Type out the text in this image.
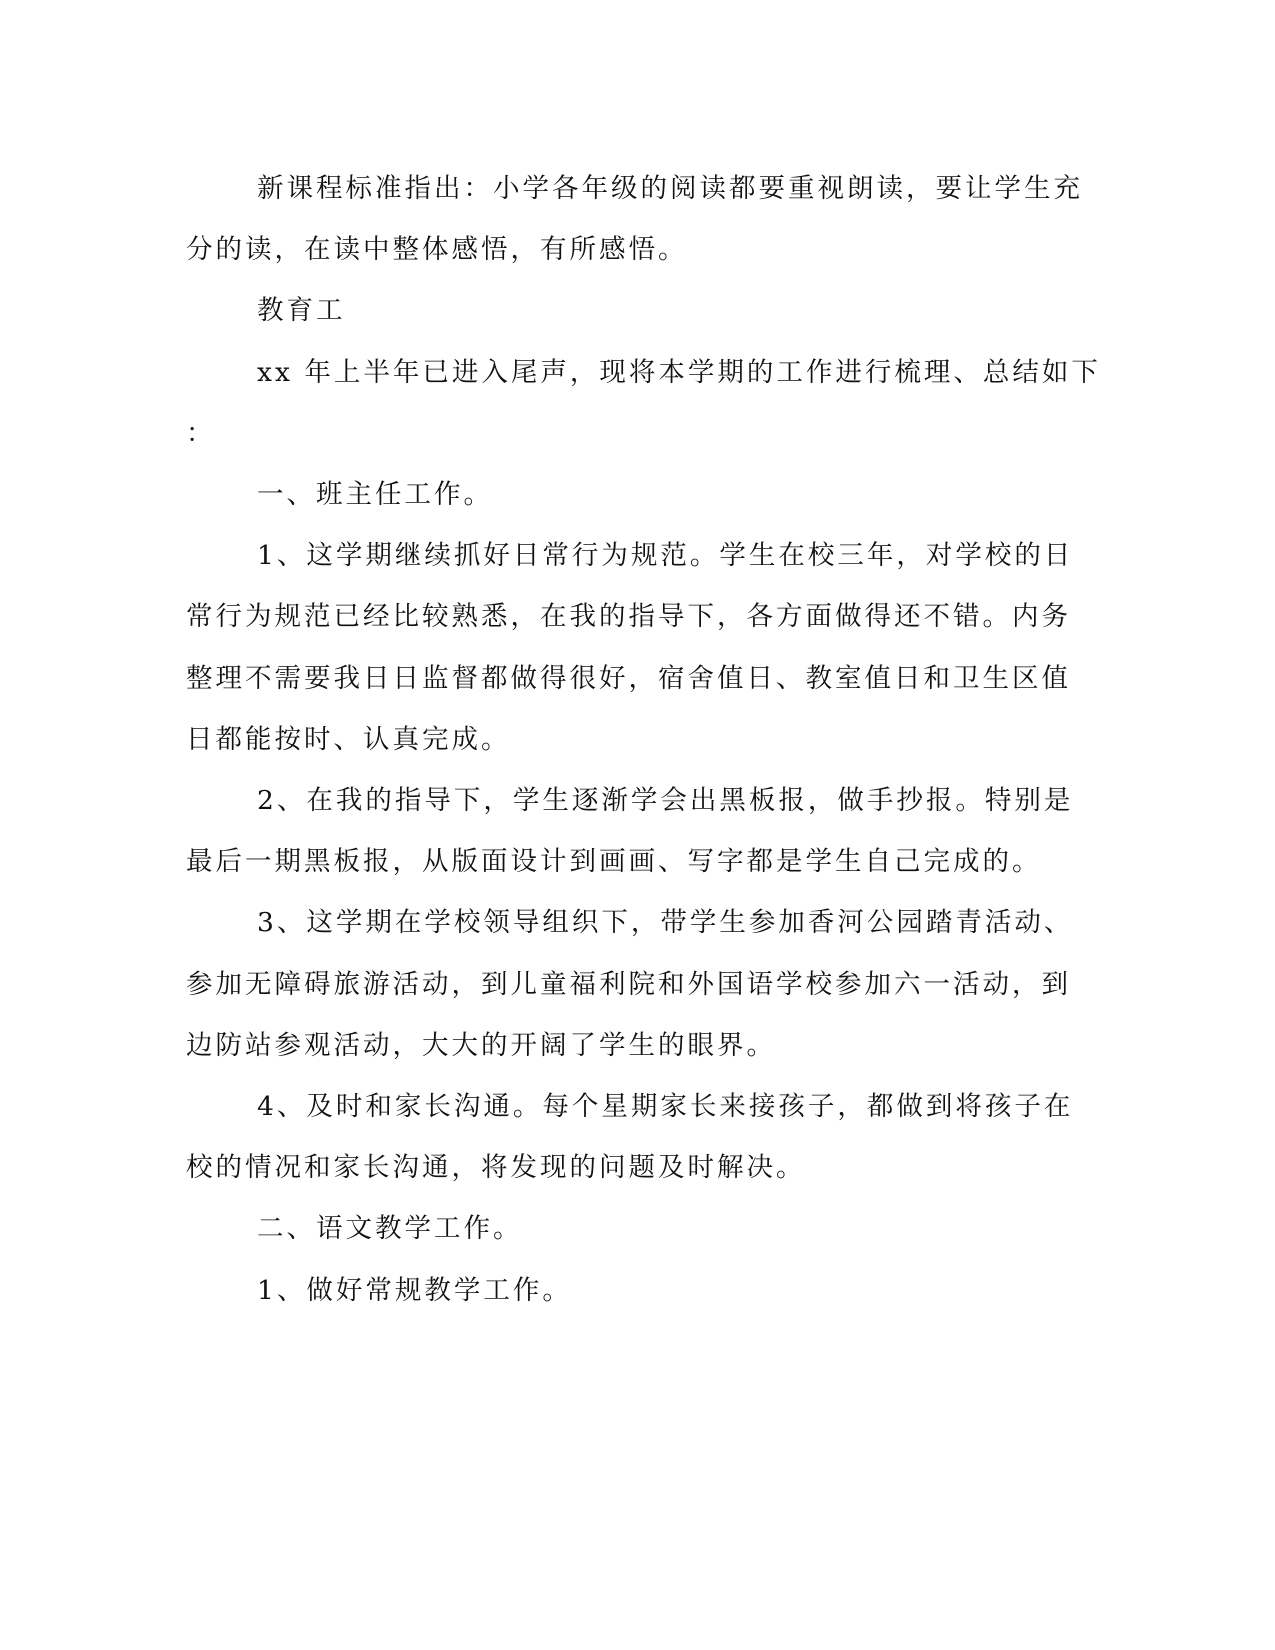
新课程标准指出：小学各年级的阅读都要重视朗读，要让学生充

分的读，在读中整体感悟，有所感悟。

教育工

xx 年上半年已进入尾声，现将本学期的工作进行梳理、总结如下

：

一、班主任工作。

1、这学期继续抓好日常行为规范。学生在校三年，对学校的日

常行为规范已经比较熟悉，在我的指导下，各方面做得还不错。内务

整理不需要我日日监督都做得很好，宿舍值日、教室值日和卫生区值

日都能按时、认真完成。

2、在我的指导下，学生逐渐学会出黑板报，做手抄报。特别是

最后一期黑板报，从版面设计到画画、写字都是学生自己完成的。

3、这学期在学校领导组织下，带学生参加香河公园踏青活动、

参加无障碍旅游活动，到儿童福利院和外国语学校参加六一活动，到

边防站参观活动，大大的开阔了学生的眼界。

4、及时和家长沟通。每个星期家长来接孩子，都做到将孩子在

校的情况和家长沟通，将发现的问题及时解决。

二、语文教学工作。

1、做好常规教学工作。
